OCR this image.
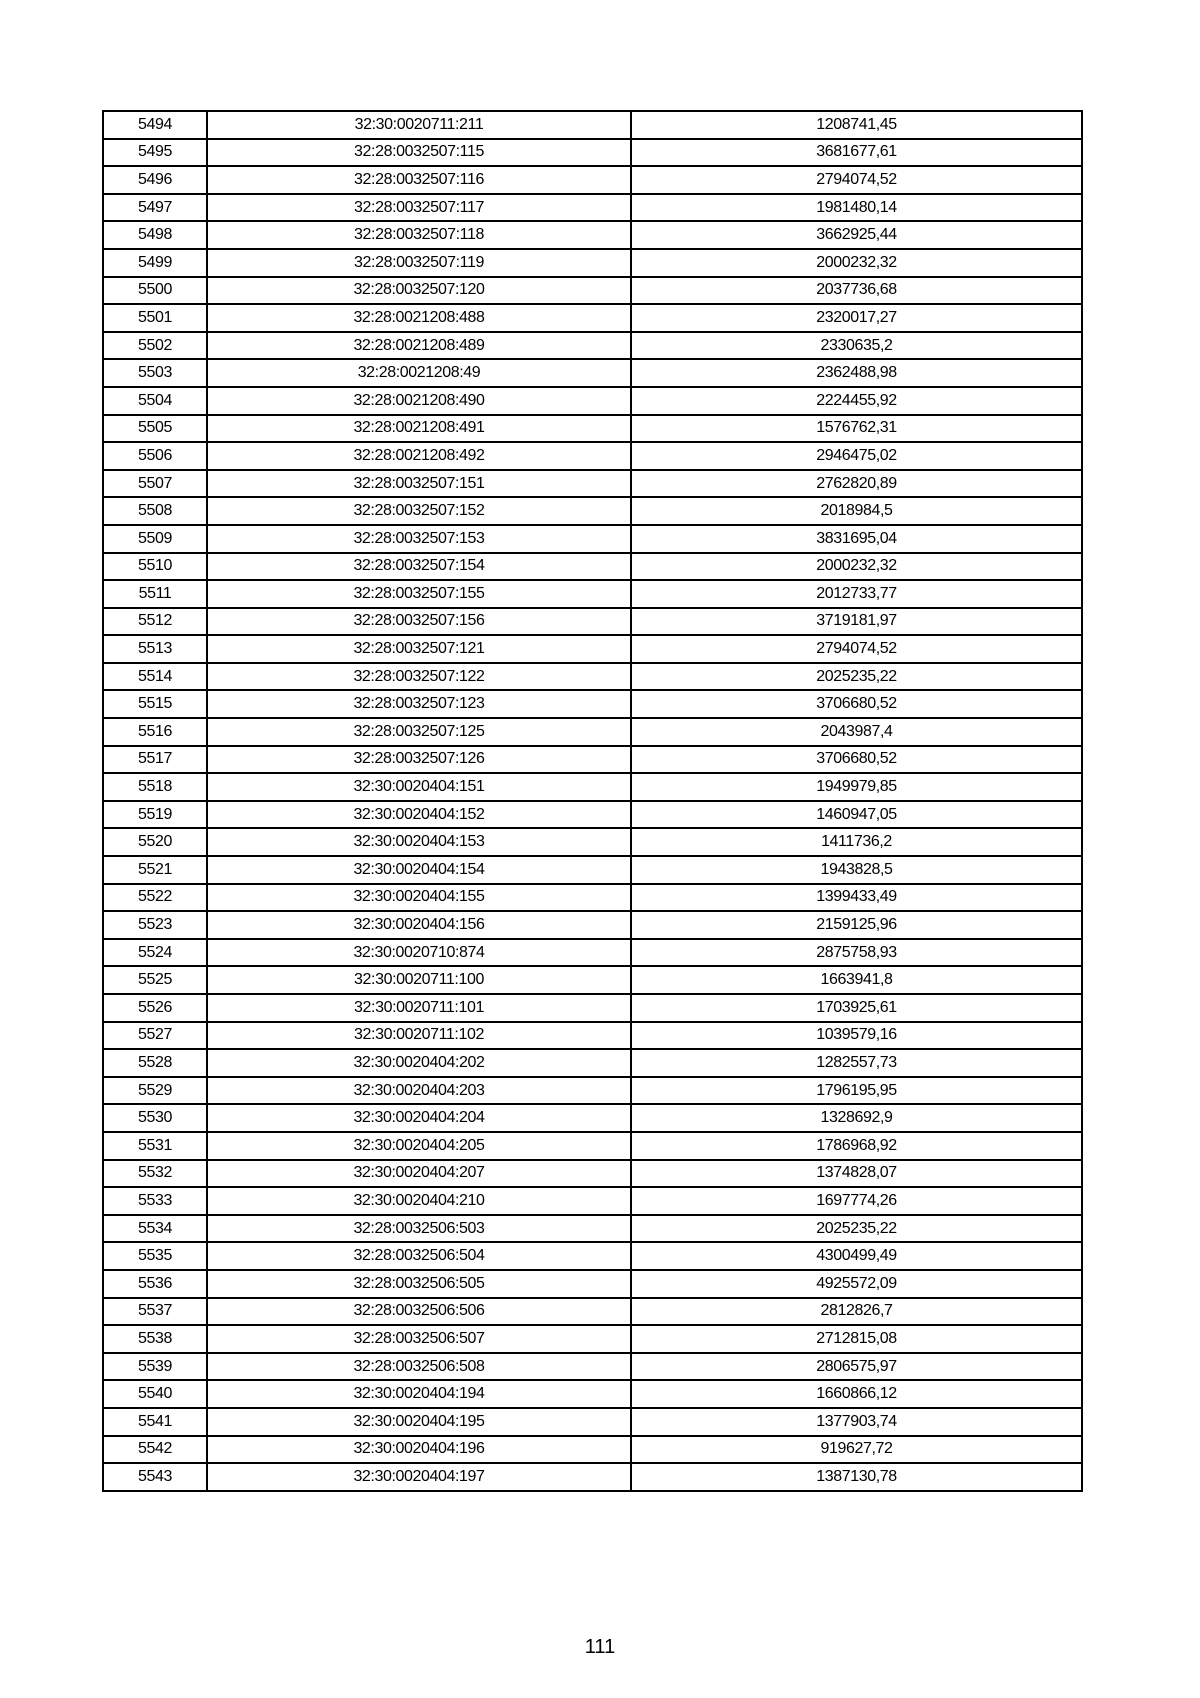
5494	32:30:0020711:211	1208741,45
5495	32:28:0032507:115	3681677,61
5496	32:28:0032507:116	2794074,52
5497	32:28:0032507:117	1981480,14
5498	32:28:0032507:118	3662925,44
5499	32:28:0032507:119	2000232,32
5500	32:28:0032507:120	2037736,68
5501	32:28:0021208:488	2320017,27
5502	32:28:0021208:489	2330635,2
5503	32:28:0021208:49	2362488,98
5504	32:28:0021208:490	2224455,92
5505	32:28:0021208:491	1576762,31
5506	32:28:0021208:492	2946475,02
5507	32:28:0032507:151	2762820,89
5508	32:28:0032507:152	2018984,5
5509	32:28:0032507:153	3831695,04
5510	32:28:0032507:154	2000232,32
5511	32:28:0032507:155	2012733,77
5512	32:28:0032507:156	3719181,97
5513	32:28:0032507:121	2794074,52
5514	32:28:0032507:122	2025235,22
5515	32:28:0032507:123	3706680,52
5516	32:28:0032507:125	2043987,4
5517	32:28:0032507:126	3706680,52
5518	32:30:0020404:151	1949979,85
5519	32:30:0020404:152	1460947,05
5520	32:30:0020404:153	1411736,2
5521	32:30:0020404:154	1943828,5
5522	32:30:0020404:155	1399433,49
5523	32:30:0020404:156	2159125,96
5524	32:30:0020710:874	2875758,93
5525	32:30:0020711:100	1663941,8
5526	32:30:0020711:101	1703925,61
5527	32:30:0020711:102	1039579,16
5528	32:30:0020404:202	1282557,73
5529	32:30:0020404:203	1796195,95
5530	32:30:0020404:204	1328692,9
5531	32:30:0020404:205	1786968,92
5532	32:30:0020404:207	1374828,07
5533	32:30:0020404:210	1697774,26
5534	32:28:0032506:503	2025235,22
5535	32:28:0032506:504	4300499,49
5536	32:28:0032506:505	4925572,09
5537	32:28:0032506:506	2812826,7
5538	32:28:0032506:507	2712815,08
5539	32:28:0032506:508	2806575,97
5540	32:30:0020404:194	1660866,12
5541	32:30:0020404:195	1377903,74
5542	32:30:0020404:196	919627,72
5543	32:30:0020404:197	1387130,78
111
